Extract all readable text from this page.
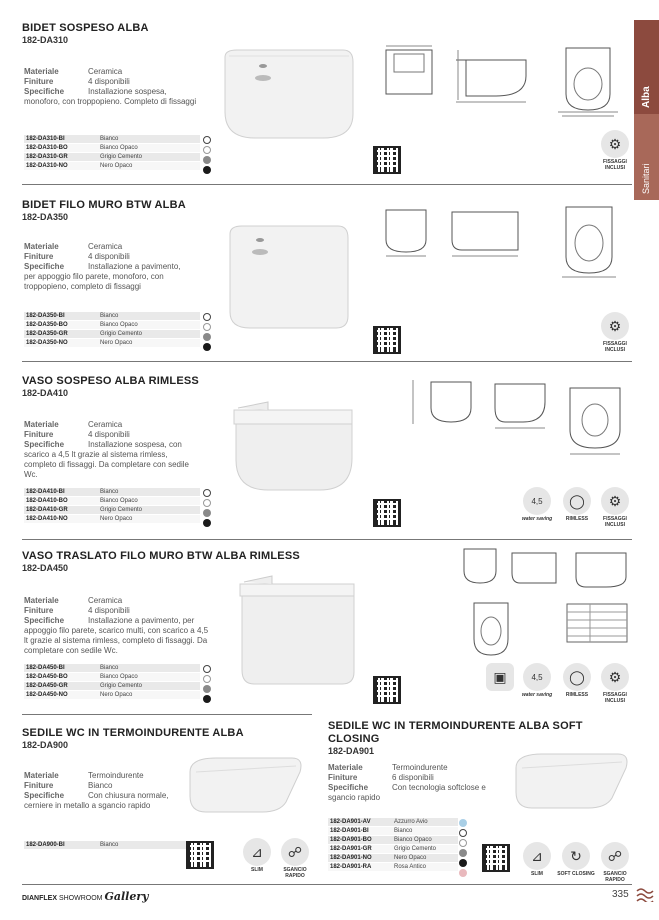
Alba
Sanitari
BIDET SOSPESO ALBA
182-DA310
Materiale	Ceramica
Finiture	4 disponibili
Specifiche	Installazione sospesa,
monoforo, con troppopieno. Completo di fissaggi
182-DA310-BI	Bianco
182-DA310-BO	Bianco Opaco
182-DA310-GR	Grigio Cemento
182-DA310-NO	Nero Opaco
⚙
FISSAGGI INCLUSI
BIDET FILO MURO BTW ALBA
182-DA350
Materiale	Ceramica
Finiture	4 disponibili
Specifiche	Installazione a pavimento,
per appoggio filo parete, monoforo, con troppopieno, completo di fissaggi
182-DA350-BI	Bianco
182-DA350-BO	Bianco Opaco
182-DA350-GR	Grigio Cemento
182-DA350-NO	Nero Opaco
⚙
FISSAGGI INCLUSI
VASO SOSPESO ALBA RIMLESS
182-DA410
Materiale	Ceramica
Finiture	4 disponibili
Specifiche	Installazione sospesa, con
scarico a 4,5 lt grazie al sistema rimless, completo di fissaggi. Da completare con sedile Wc.
182-DA410-BI	Bianco
182-DA410-BO	Bianco Opaco
182-DA410-GR	Grigio Cemento
182-DA410-NO	Nero Opaco
4,5
water saving
◯
RIMLESS
⚙
FISSAGGI INCLUSI
VASO TRASLATO FILO MURO BTW ALBA RIMLESS
182-DA450
Materiale	Ceramica
Finiture	4 disponibili
Specifiche	Installazione a pavimento, per
appoggio filo parete, scarico multi, con scarico a 4,5 lt grazie al sistema rimless, completo di fissaggi. Da completare con sedile Wc.
182-DA450-BI	Bianco
182-DA450-BO	Bianco Opaco
182-DA450-GR	Grigio Cemento
182-DA450-NO	Nero Opaco
▣	4,5
water saving
◯
RIMLESS
⚙
FISSAGGI INCLUSI
SEDILE WC IN TERMOINDURENTE ALBA
182-DA900
Materiale	Termoindurente
Finiture	Bianco
Specifiche	Con chiusura normale,
cerniere in metallo a sgancio rapido
182-DA900-BI	Bianco	⊿
SLIM
☍
SGANCIO RAPIDO
SEDILE WC IN TERMOINDURENTE ALBA SOFT CLOSING
182-DA901
Materiale	Termoindurente
Finiture	6 disponibili
Specifiche	Con tecnologia softclose e
sgancio rapido
182-DA901-AV	Azzurro Avio
182-DA901-BI	Bianco
182-DA901-BO	Bianco Opaco
182-DA901-GR	Grigio Cemento
182-DA901-NO	Nero Opaco
182-DA901-RA	Rosa Antico
⊿
SLIM
↻
SOFT CLOSING
☍
SGANCIO RAPIDO
DIANFLEX SHOWROOM Gallery	335
